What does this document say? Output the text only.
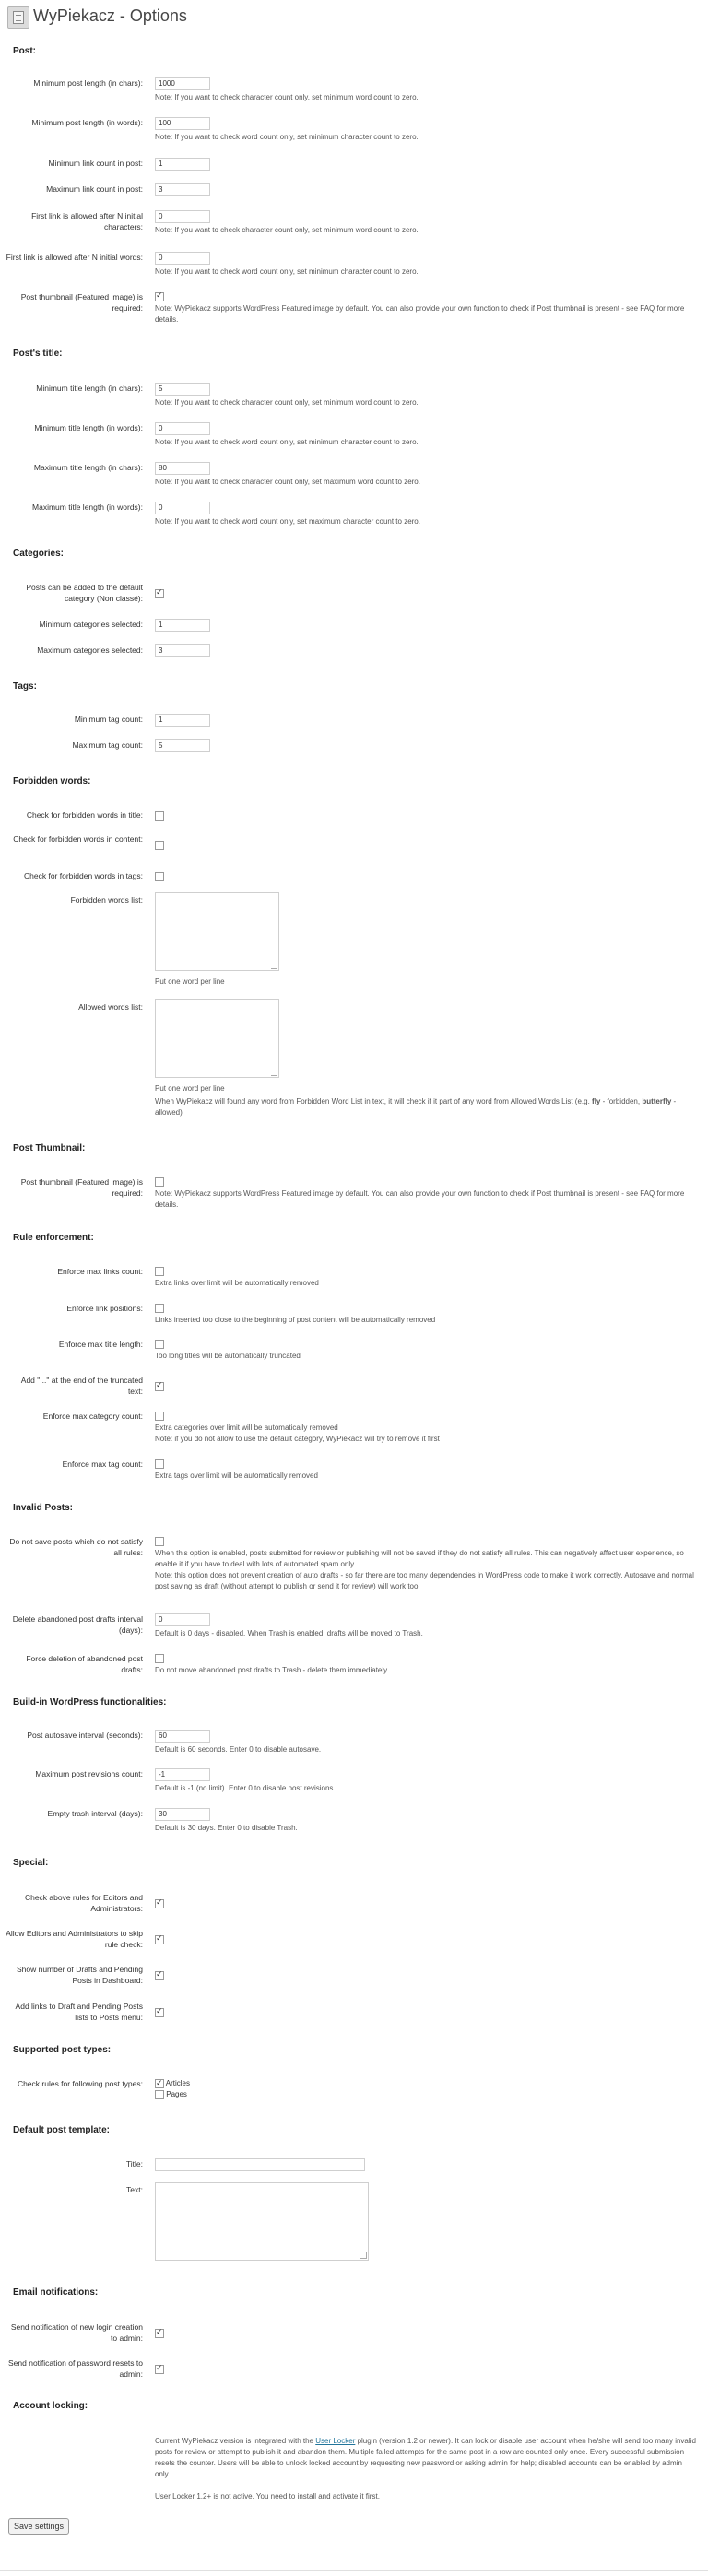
WyPiekacz - Options
Post:
Minimum post length (in chars):
1000
Note: If you want to check character count only, set minimum word count to zero.
Minimum post length (in words):
100
Note: If you want to check word count only, set minimum character count to zero.
Minimum link count in post:
1
Maximum link count in post:
3
First link is allowed after N initial characters:
0 Note: If you want to check character count only, set minimum word count to zero.
First link is allowed after N initial words:
0
Note: If you want to check word count only, set minimum character count to zero.
Post thumbnail (Featured image) is required:
✓ Note: WyPiekacz supports WordPress Featured image by default. You can also provide your own function to check if Post thumbnail is present - see FAQ for more details.
Post's title:
Minimum title length (in chars):
5
Note: If you want to check character count only, set minimum word count to zero.
Minimum title length (in words):
0
Note: If you want to check word count only, set minimum character count to zero.
Maximum title length (in chars):
80
Note: If you want to check character count only, set maximum word count to zero.
Maximum title length (in words):
0
Note: If you want to check word count only, set maximum character count to zero.
Categories:
Posts can be added to the default category (Non classé):
✓
Minimum categories selected:
1
Maximum categories selected:
3
Tags:
Minimum tag count:
1
Maximum tag count:
5
Forbidden words:
Check for forbidden words in title:
Check for forbidden words in content:
Check for forbidden words in tags:
Forbidden words list:
Put one word per line
Allowed words list:
Put one word per line
When WyPiekacz will found any word from Forbidden Word List in text, it will check if it part of any word from Allowed Words List (e.g. fly - forbidden, butterfly - allowed)
Post Thumbnail:
Post thumbnail (Featured image) is required: Note: WyPiekacz supports WordPress Featured image by default. You can also provide your own function to check if Post thumbnail is present - see FAQ for more details.
Rule enforcement:
Enforce max links count:
Extra links over limit will be automatically removed
Enforce link positions:
Links inserted too close to the beginning of post content will be automatically removed
Enforce max title length:
Too long titles will be automatically truncated
Add "..." at the end of the truncated text:
✓
Enforce max category count:
Extra categories over limit will be automatically removed
Note: if you do not allow to use the default category, WyPiekacz will try to remove it first
Enforce max tag count:
Extra tags over limit will be automatically removed
Invalid Posts:
Do not save posts which do not satisfy all rules: When this option is enabled, posts submitted for review or publishing will not be saved if they do not satisfy all rules. This can negatively affect user experience, so enable it if you have to deal with lots of automated spam only.
Note: this option does not prevent creation of auto drafts - so far there are too many dependencies in WordPress code to make it work correctly. Autosave and normal post saving as draft (without attempt to publish or send it for review) will work too.
Delete abandoned post drafts interval (days):
0 Default is 0 days - disabled. When Trash is enabled, drafts will be moved to Trash.
Force deletion of abandoned post drafts: Do not move abandoned post drafts to Trash - delete them immediately.
Build-in WordPress functionalities:
Post autosave interval (seconds):
60
Default is 60 seconds. Enter 0 to disable autosave.
Maximum post revisions count:
-1
Default is -1 (no limit). Enter 0 to disable post revisions.
Empty trash interval (days):
30
Default is 30 days. Enter 0 to disable Trash.
Special:
Check above rules for Editors and Administrators:
✓
Allow Editors and Administrators to skip rule check:
✓
Show number of Drafts and Pending Posts in Dashboard:
✓
Add links to Draft and Pending Posts lists to Posts menu:
✓
Supported post types:
Check rules for following post types:
✓	Articles
Pages
Default post template:
Title:
Text:
Email notifications:
Send notification of new login creation to admin:
✓
Send notification of password resets to admin:
✓
Account locking:
Current WyPiekacz version is integrated with the User Locker plugin (version 1.2 or newer). It can lock or disable user account when he/she will send too many invalid posts for review or attempt to publish it and abandon them. Multiple failed attempts for the same post in a row are counted only once. Every successful submission resets the counter. Users will be able to unlock locked account by requesting new password or asking admin for help; disabled accounts can be enabled by admin only.
User Locker 1.2+ is not active. You need to install and activate it first.
Save settings
